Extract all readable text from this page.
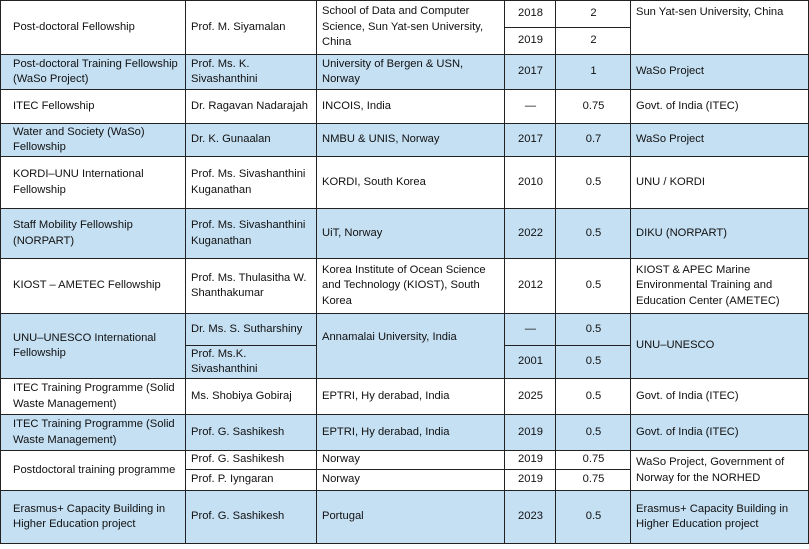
Post-doctoral Fellowship	Prof. M. Siyamalan	School of Data and Computer Science, Sun Yat-sen University, China	2018	2	Sun Yat-sen University, China
			2019	2	
Post-doctoral Training Fellowship (WaSo Project)	Prof. Ms. K. Sivashanthini	University of Bergen & USN, Norway	2017	1	WaSo Project
ITEC Fellowship	Dr. Ragavan Nadarajah	INCOIS, India	—	0.75	Govt. of India (ITEC)
Water and Society (WaSo) Fellowship	Dr. K. Gunaalan	NMBU & UNIS, Norway	2017	0.7	WaSo Project
KORDI–UNU International Fellowship	Prof. Ms. Sivashanthini Kuganathan	KORDI, South Korea	2010	0.5	UNU / KORDI
Staff Mobility Fellowship (NORPART)	Prof. Ms. Sivashanthini Kuganathan	UiT, Norway	2022	0.5	DIKU (NORPART)
KIOST – AMETEC Fellowship	Prof. Ms. Thulasitha W. Shanthakumar	Korea Institute of Ocean Science and Technology (KIOST), South Korea	2012	0.5	KIOST & APEC Marine Environmental Training and Education Center (AMETEC)
UNU–UNESCO International Fellowship	Dr. Ms. S. Sutharshiny	Annamalai University, India	—	0.5	UNU–UNESCO
	Prof. Ms.K. Sivashanthini		2001	0.5	
ITEC Training Programme (Solid Waste Management)	Ms. Shobiya Gobiraj	EPTRI, Hy derabad, India	2025	0.5	Govt. of India (ITEC)
ITEC Training Programme (Solid Waste Management)	Prof. G. Sashikesh	EPTRI, Hy derabad, India	2019	0.5	Govt. of India (ITEC)
Postdoctoral training programme	Prof. G. Sashikesh	Norway	2019	0.75	WaSo Project, Government of Norway for the NORHED
	Prof. P. Iyngaran	Norway	2019	0.75	
Erasmus+ Capacity Building in Higher Education project	Prof. G. Sashikesh	Portugal	2023	0.5	Erasmus+ Capacity Building in Higher Education project
